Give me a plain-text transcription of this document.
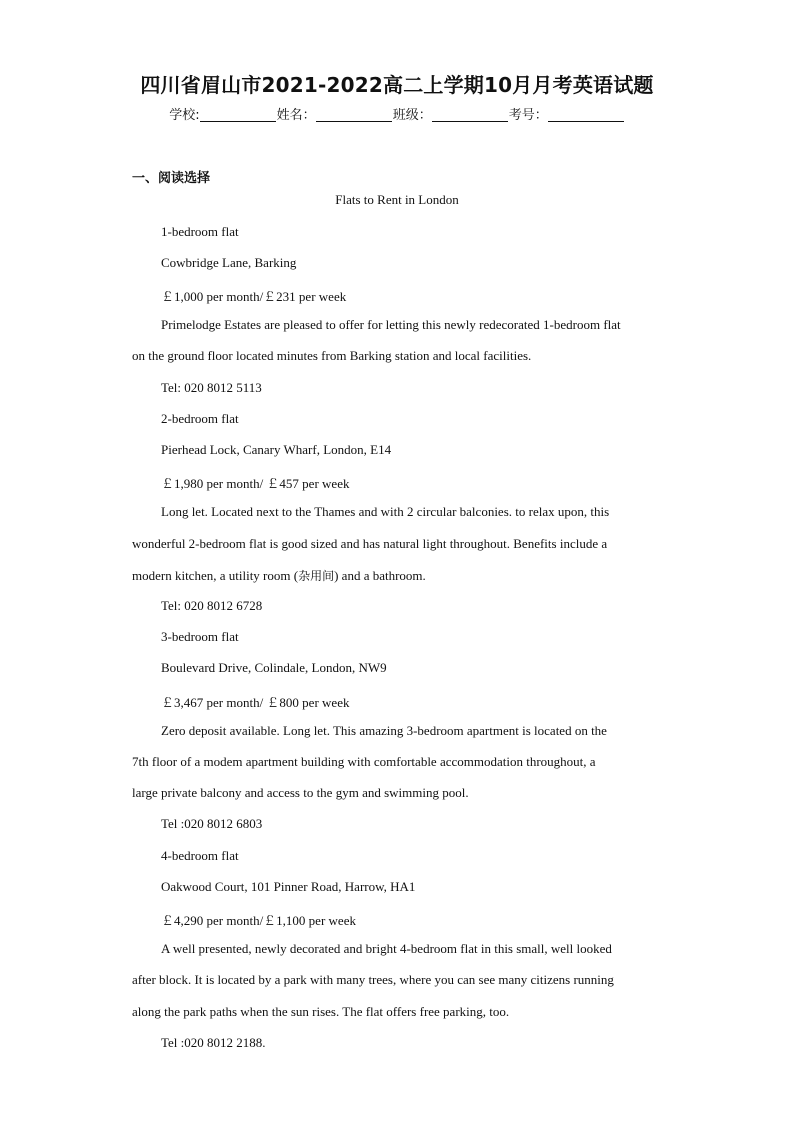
四川省眉山市2021-2022高二上学期10月月考英语试题
学校:	姓名：	班级：	考号：
一、阅读选择
Flats to Rent in London
1-bedroom flat
Cowbridge Lane, Barking
￡1,000 per month/￡231 per week
Primelodge Estates are pleased to offer for letting this newly redecorated 1-bedroom flat
on the ground floor located minutes from Barking station and local facilities.
Tel: 020 8012 5113
2-bedroom flat
Pierhead Lock, Canary Wharf, London, E14
￡1,980 per month/ ￡457 per week
Long let. Located next to the Thames and with 2 circular balconies. to relax upon, this
wonderful 2-bedroom flat is good sized and has natural light throughout. Benefits include a
modern kitchen, a utility room (杂用间) and a bathroom.
Tel: 020 8012 6728
3-bedroom flat
Boulevard Drive, Colindale, London, NW9
￡3,467 per month/ ￡800 per week
Zero deposit available. Long let. This amazing 3-bedroom apartment is located on the
7th floor of a modem apartment building with comfortable accommodation throughout, a
large private balcony and access to the gym and swimming pool.
Tel :020 8012 6803
4-bedroom flat
Oakwood Court, 101 Pinner Road, Harrow, HA1
￡4,290 per month/￡1,100 per week
A well presented, newly decorated and bright 4-bedroom flat in this small, well looked
after block. It is located by a park with many trees, where you can see many citizens running
along the park paths when the sun rises. The flat offers free parking, too.
Tel :020 8012 2188.
